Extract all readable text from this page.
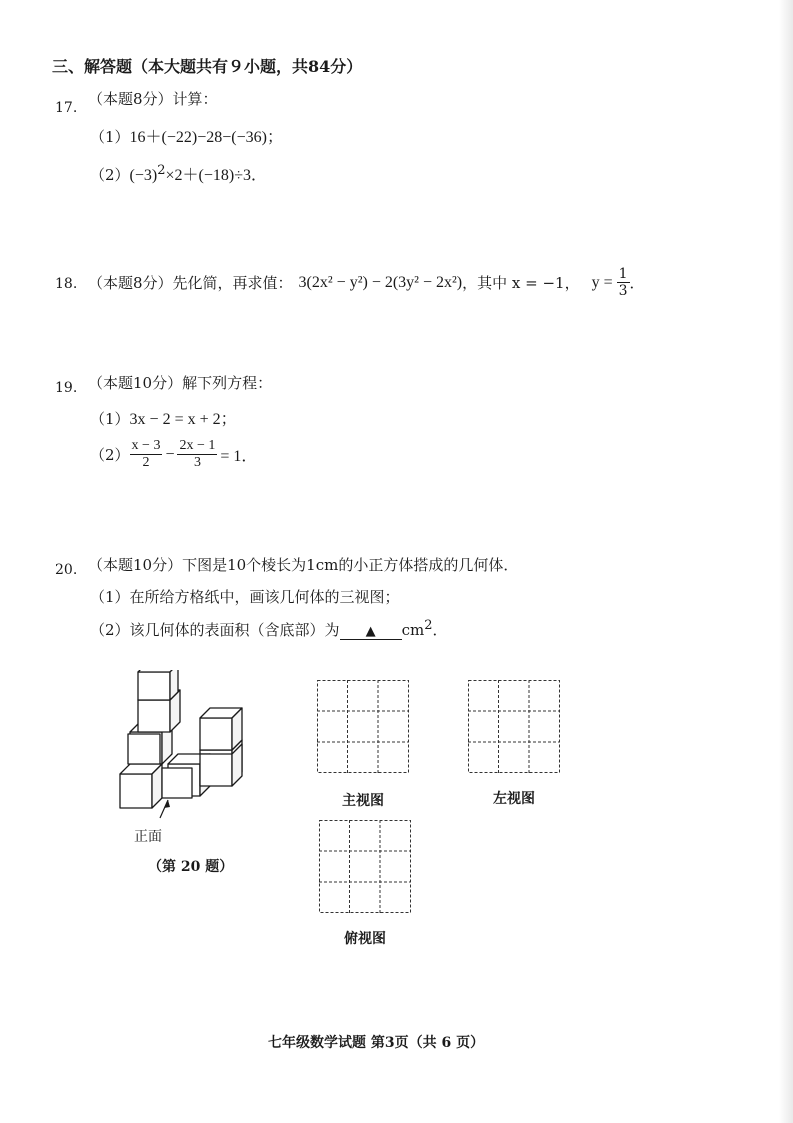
三、解答题（本大题共有９小题，共84分）
17. （本题8分）计算：
（1）16＋(−22)−28−(−36)；
$(2)(-3)^2\times 2+(-18)\div 3$．
18. （本题8分）先化简，再求值： 3(2x² − y²) − 2(3y² − 2x²) ，其中 x = −1， $y = \frac{1}{3}$ ．
19. （本题10分）解下列方程：
（1）3x − 2 = x + 2；
$(2) \frac{x - 3}{2} - \frac{2x - 1}{3} = 1$．
20. （本题10分）下图是10个棱长为1cm的小正方体搭成的几何体．
（1）在所给方格纸中，画该几何体的三视图；
（2）该几何体的表面积（含底部）为 ▲ $cm^2$．
正面
（第 20 题）
主视图	左视图
俯视图
七年级数学试题 第3页（共 6 页）
